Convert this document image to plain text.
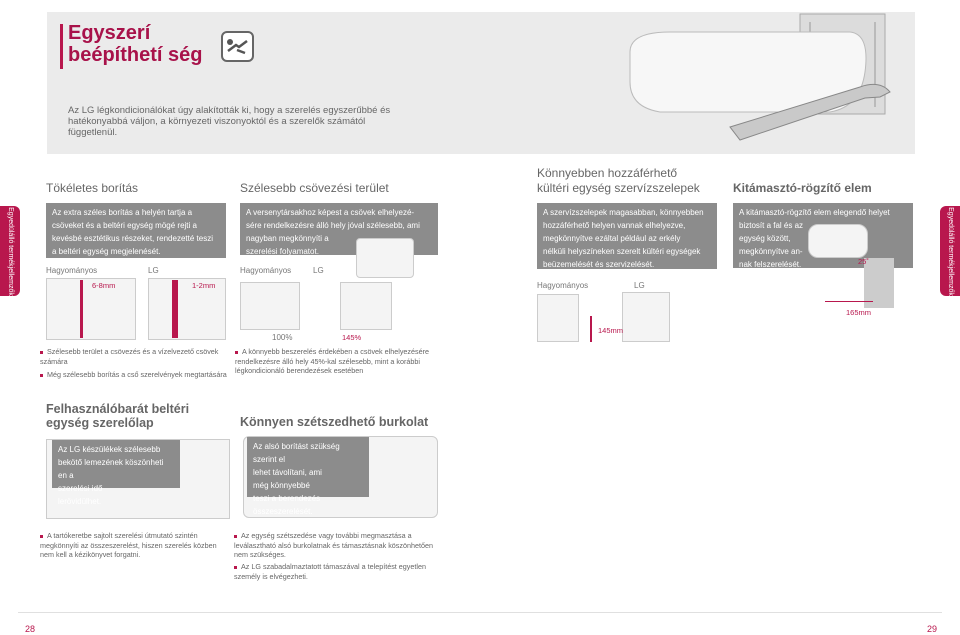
Egyszerí beépíthetí ség
Az LG légkondicionálókat úgy alakították ki, hogy a szerelés egyszerűbbé és hatékonyabbá váljon, a környezeti viszonyoktól és a szerelők számától függetlenül.
Egyedülálló termékjellemzők	Egyedülálló termékjellemzők
Tökéletes borítás
Az extra széles borítás a helyén tartja a
csöveket és a beltéri egység mögé rejti a
kevésbé esztétikus részeket, rendezetté teszi
a beltéri egység megjelenését.
Hagyományos	LG
6-8mm	1-2mm
Szélesebb terület a csövezés és a vízelvezető csövek számára
Még szélesebb borítás a cső szerelvények megtartására
Szélesebb csövezési terület
A versenytársakhoz képest a csövek elhelyezé-
sére rendelkezésre álló hely jóval szélesebb, ami
nagyban megkönnyíti a
szerelési folyamatot.
Hagyományos	LG
100%	145%
A könnyebb beszerelés érdekében a csövek elhelyezésére rendelkezésre álló hely 45%-kal szélesebb, mint a korábbi légkondicionáló berendezések esetében
Könnyebben hozzáférhető
kültéri egység szervízszelepek
A szervízszelepek magasabban, könnyebben
hozzáférhető helyen vannak elhelyezve,
megkönnyítve ezáltal például az erkély
nélküli helyszíneken szerelt kültéri egységek
beüzemelését és szervizelését.
Hagyományos	LG
145mm
Kitámasztó-rögzítő elem
A kitámasztó-rögzítő elem elegendő helyet
biztosít a fal és az
egység között,
megkönnyítve an-
nak felszerelését.	25˚
165mm
Felhasználóbarát beltéri
egység szerelőlap
Az LG készülékek szélesebb
bekötő lemezének köszönheti en a
szerelési idő
lerövidülhet.
A tartókeretbe sajtolt szerelési útmutató szintén megkönnyíti az összeszerelést, hiszen szerelés közben nem kell a kézikönyvet forgatni.
Könnyen szétszedhető burkolat
Az alsó borítást szükség szerint el
lehet távolítani, ami
még könnyebbé
teszi a berendezés
összeszerelését.
Az egység szétszedése vagy további megmasztása a leválasztható alsó burkolatnak és támasztásnak köszönhetően nem szükséges.
Az LG szabadalmaztatott támaszával a telepítést egyetlen személy is elvégezheti.
28	29
